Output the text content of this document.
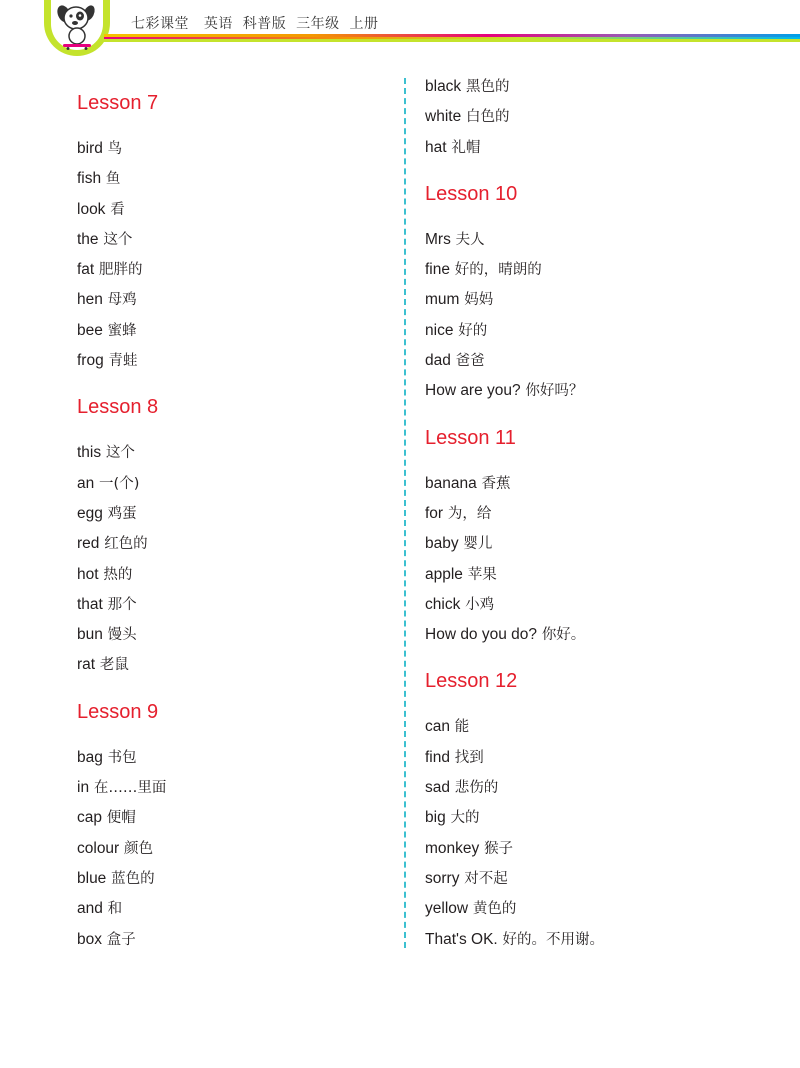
七彩课堂   英语  科普版  三年级  上册
Lesson 7
bird 鸟
fish 鱼
look 看
the 这个
fat 肥胖的
hen 母鸡
bee 蜜蜂
frog 青蛙
Lesson 8
this 这个
an 一(个)
egg 鸡蛋
red 红色的
hot 热的
that 那个
bun 馒头
rat 老鼠
Lesson 9
bag 书包
in 在……里面
cap 便帽
colour 颜色
blue 蓝色的
and 和
box 盒子
black 黑色的
white 白色的
hat 礼帽
Lesson 10
Mrs 夫人
fine 好的，晴朗的
mum 妈妈
nice 好的
dad 爸爸
How are you? 你好吗？
Lesson 11
banana 香蕉
for 为，给
baby 婴儿
apple 苹果
chick 小鸡
How do you do? 你好。
Lesson 12
can 能
find 找到
sad 悲伤的
big 大的
monkey 猴子
sorry 对不起
yellow 黄色的
That's OK. 好的。不用谢。
